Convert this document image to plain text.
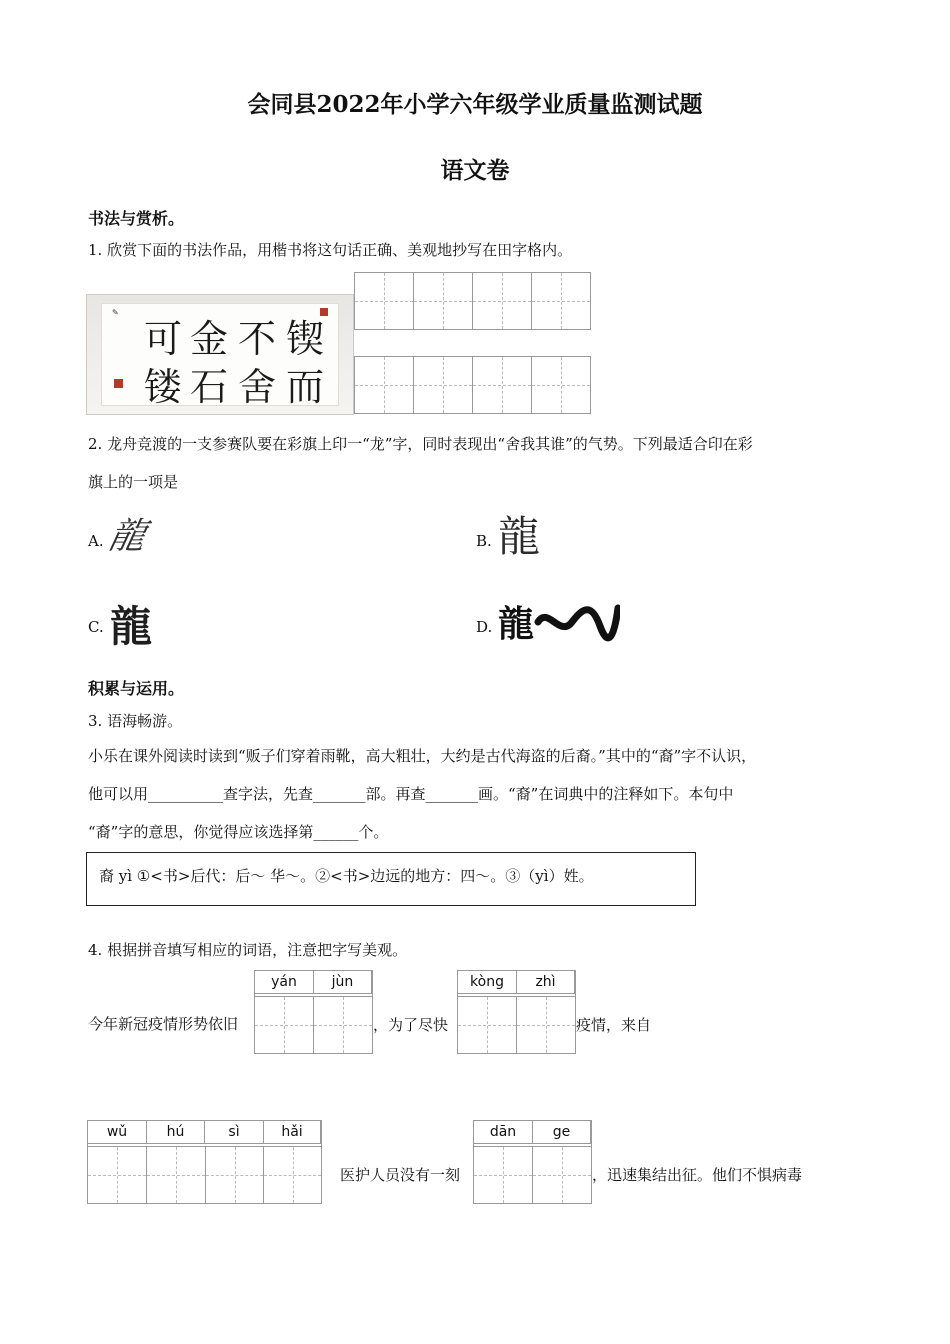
会同县2022年小学六年级学业质量监测试题
语文卷
书法与赏析。
1. 欣赏下面的书法作品，用楷书将这句话正确、美观地抄写在田字格内。
✎
可 金 不 锲
镂 石 舍 而
2. 龙舟竞渡的一支参赛队要在彩旗上印一“龙”字，同时表现出“舍我其谁”的气势。下列最适合印在彩
旗上的一项是
A. 龍	B. 龍
C. 龍	D. 龍
积累与运用。
3. 语海畅游。
小乐在课外阅读时读到“贩子们穿着雨靴，高大粗壮，大约是古代海盗的后裔。”其中的“裔”字不认识，
他可以用__________查字法，先查_______部。再查_______画。“裔”在词典中的注释如下。本句中
“裔”字的意思，你觉得应该选择第______个。
裔 yì ①<书>后代：后～ 华～。②<书>边远的地方：四～。③（yì）姓。
4. 根据拼音填写相应的词语，注意把字写美观。
今年新冠疫情形势依旧
yán	jùn
，为了尽快
kòng	zhì
疫情，来自
wǔ	hú	sì	hǎi
医护人员没有一刻
dān	ge
，迅速集结出征。他们不惧病毒
